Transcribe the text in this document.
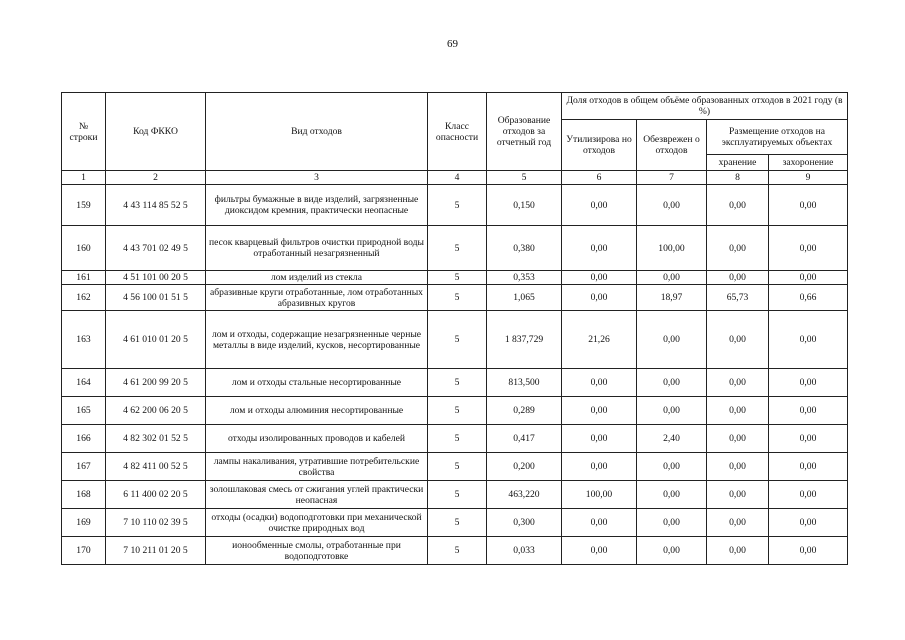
69
№ строки	Код ФККО	Вид отходов	Класс опасности	Образование отходов за отчетный год	Доля отходов в общем объёме образованных отходов в 2021 году (в %)			
					Утилизирова но отходов	Обезврежен о отходов	Размещение отходов на эксплуатируемых объектах	
							хранение	захоронение
1	2	3	4	5	6	7	8	9
159	4 43 114 85 52 5	фильтры бумажные в виде изделий, загрязненные диоксидом кремния, практически неопасные	5	0,150	0,00	0,00	0,00	0,00
160	4 43 701 02 49 5	песок кварцевый фильтров очистки природной воды отработанный незагрязненный	5	0,380	0,00	100,00	0,00	0,00
161	4 51 101 00 20 5	лом изделий из стекла	5	0,353	0,00	0,00	0,00	0,00
162	4 56 100 01 51 5	абразивные круги отработанные, лом отработанных абразивных кругов	5	1,065	0,00	18,97	65,73	0,66
163	4 61 010 01 20 5	лом и отходы, содержащие незагрязненные черные металлы в виде изделий, кусков, несортированные	5	1 837,729	21,26	0,00	0,00	0,00
164	4 61 200 99 20 5	лом и отходы стальные несортированные	5	813,500	0,00	0,00	0,00	0,00
165	4 62 200 06 20 5	лом и отходы алюминия несортированные	5	0,289	0,00	0,00	0,00	0,00
166	4 82 302 01 52 5	отходы изолированных проводов и кабелей	5	0,417	0,00	2,40	0,00	0,00
167	4 82 411 00 52 5	лампы накаливания, утратившие потребительские свойства	5	0,200	0,00	0,00	0,00	0,00
168	6 11 400 02 20 5	золошлаковая смесь от сжигания углей практически неопасная	5	463,220	100,00	0,00	0,00	0,00
169	7 10 110 02 39 5	отходы (осадки) водоподготовки при механической очистке природных вод	5	0,300	0,00	0,00	0,00	0,00
170	7 10 211 01 20 5	ионообменные смолы, отработанные при водоподготовке	5	0,033	0,00	0,00	0,00	0,00
